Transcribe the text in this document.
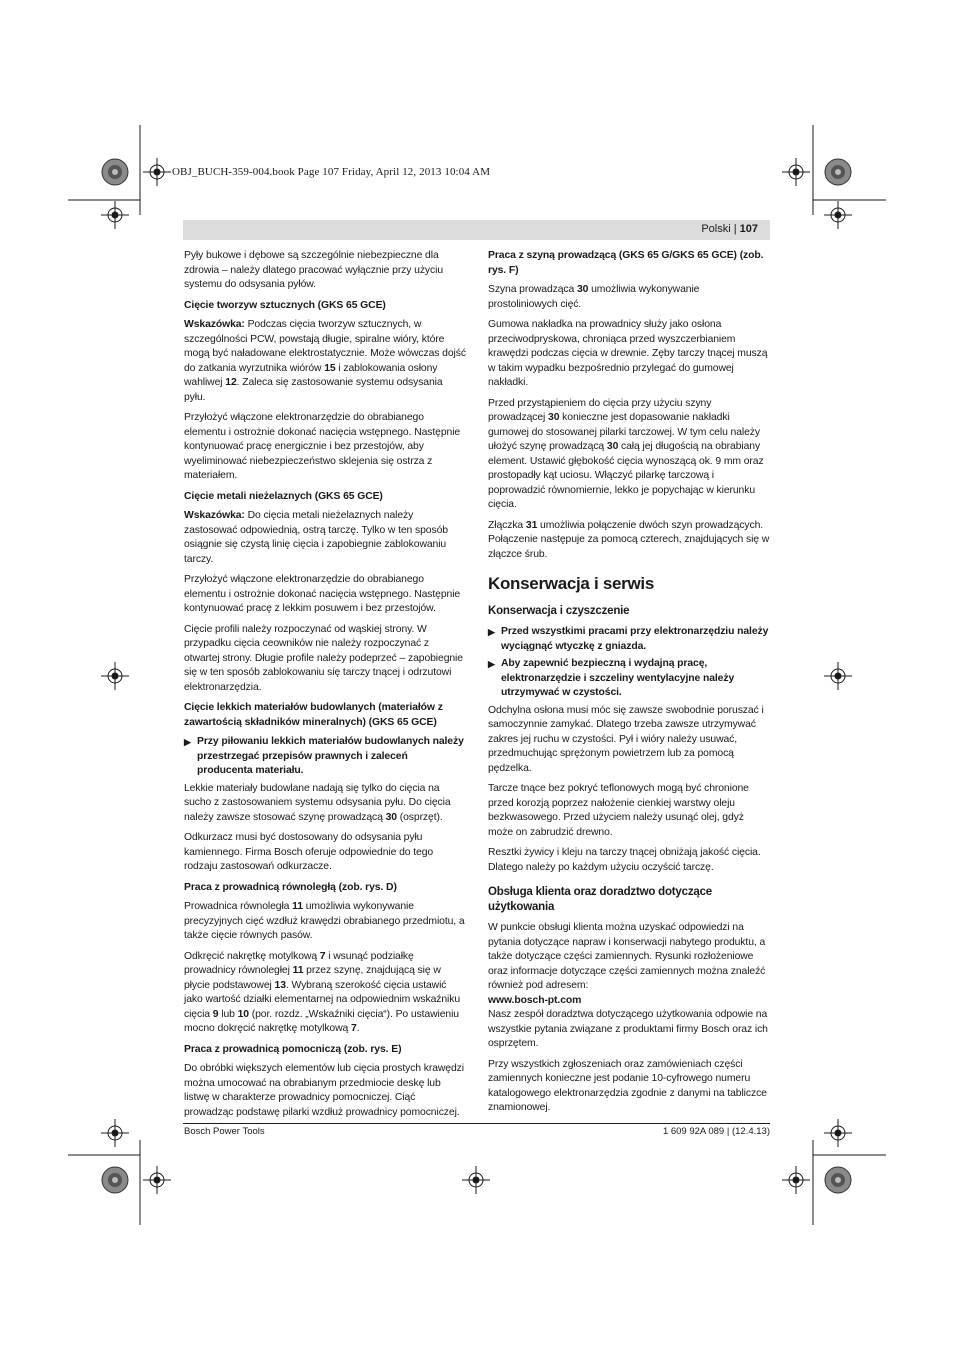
OBJ_BUCH-359-004.book Page 107 Friday, April 12, 2013 10:04 AM
Polski | 107

Pyły bukowe i dębowe są szczególnie niebezpieczne dla zdrowia – należy dlatego pracować wyłącznie przy użyciu systemu do odsysania pyłów.

Cięcie tworzyw sztucznych (GKS 65 GCE)

Wskazówka: Podczas cięcia tworzyw sztucznych, w szczególności PCW, powstają długie, spiralne wióry, które mogą być naładowane elektrostatycznie. Może wówczas dojść do zatkania wyrzutnika wiórów 15 i zablokowania osłony wahliwej 12. Zaleca się zastosowanie systemu odsysania pyłu.

Przyłożyć włączone elektronarzędzie do obrabianego elementu i ostrożnie dokonać nacięcia wstępnego. Następnie kontynuować pracę energicznie i bez przestojów, aby wyeliminować niebezpieczeństwo sklejenia się ostrza z materiałem.

Cięcie metali nieżelaznych (GKS 65 GCE)

Wskazówka: Do cięcia metali nieżelaznych należy zastosować odpowiednią, ostrą tarczę. Tylko w ten sposób osiągnie się czystą linię cięcia i zapobiegnie zablokowaniu tarczy.

Przyłożyć włączone elektronarzędzie do obrabianego elementu i ostrożnie dokonać nacięcia wstępnego. Następnie kontynuować pracę z lekkim posuwem i bez przestojów.

Cięcie profili należy rozpoczynać od wąskiej strony. W przypadku cięcia ceowników nie należy rozpoczynać z otwartej strony. Długie profile należy podeprzeć – zapobiegnie się w ten sposób zablokowaniu się tarczy tnącej i odrzutowi elektronarzędzia.

Cięcie lekkich materiałów budowlanych (materiałów z zawartością składników mineralnych) (GKS 65 GCE)
▶ Przy piłowaniu lekkich materiałów budowlanych należy przestrzegać przepisów prawnych i zaleceń producenta materiału.

Lekkie materiały budowlane nadają się tylko do cięcia na sucho z zastosowaniem systemu odsysania pyłu. Do cięcia należy zawsze stosować szynę prowadzącą 30 (osprzęt).

Odkurzacz musi być dostosowany do odsysania pyłu kamiennego. Firma Bosch oferuje odpowiednie do tego rodzaju zastosowań odkurzacze.

Praca z prowadnicą równoległą (zob. rys. D)

Prowadnica równoległa 11 umożliwia wykonywanie precyzyjnych cięć wzdłuż krawędzi obrabianego przedmiotu, a także cięcie równych pasów.

Odkręcić nakrętkę motylkową 7 i wsunąć podziałkę prowadnicy równoległej 11 przez szynę, znajdującą się w płycie podstawowej 13. Wybraną szerokość cięcia ustawić jako wartość działki elementarnej na odpowiednim wskaźniku cięcia 9 lub 10 (por. rozdz. „Wskaźniki cięcia“). Po ustawieniu mocno dokręcić nakrętkę motylkową 7.

Praca z prowadnicą pomocniczą (zob. rys. E)

Do obróbki większych elementów lub cięcia prostych krawędzi można umocować na obrabianym przedmiocie deskę lub listwę w charakterze prowadnicy pomocniczej. Ciąć prowadząc podstawę pilarki wzdłuż prowadnicy pomocniczej.

Praca z szyną prowadzącą (GKS 65 G/GKS 65 GCE) (zob. rys. F)

Szyna prowadząca 30 umożliwia wykonywanie prostoliniowych cięć.

Gumowa nakładka na prowadnicy służy jako osłona przeciwodpryskowa, chroniąca przed wyszczerbianiem krawędzi podczas cięcia w drewnie. Zęby tarczy tnącej muszą w takim wypadku bezpośrednio przylegać do gumowej nakładki.

Przed przystąpieniem do cięcia przy użyciu szyny prowadzącej 30 konieczne jest dopasowanie nakładki gumowej do stosowanej pilarki tarczowej. W tym celu należy ułożyć szynę prowadzącą 30 całą jej długością na obrabiany element. Ustawić głębokość cięcia wynoszącą ok. 9 mm oraz prostopadły kąt uciosu. Włączyć pilarkę tarczową i poprowadzić równomiernie, lekko je popychając w kierunku cięcia.

Złączka 31 umożliwia połączenie dwóch szyn prowadzących. Połączenie następuje za pomocą czterech, znajdujących się w złączce śrub.

Konserwacja i serwis
Konserwacja i czyszczenie
▶ Przed wszystkimi pracami przy elektronarzędziu należy wyciągnąć wtyczkę z gniazda.
▶ Aby zapewnić bezpieczną i wydajną pracę, elektronarzędzie i szczeliny wentylacyjne należy utrzymywać w czystości.

Odchylna osłona musi móc się zawsze swobodnie poruszać i samoczynnie zamykać. Dlatego trzeba zawsze utrzymywać zakres jej ruchu w czystości. Pył i wióry należy usuwać, przedmuchując sprężonym powietrzem lub za pomocą pędzelka.

Tarcze tnące bez pokryć teflonowych mogą być chronione przed korozją poprzez nałożenie cienkiej warstwy oleju bezkwasowego. Przed użyciem należy usunąć olej, gdyż może on zabrudzić drewno.

Resztki żywicy i kleju na tarczy tnącej obniżają jakość cięcia. Dlatego należy po każdym użyciu oczyścić tarczę.

Obsługa klienta oraz doradztwo dotyczące użytkowania

W punkcie obsługi klienta można uzyskać odpowiedzi na pytania dotyczące napraw i konserwacji nabytego produktu, a także dotyczące części zamiennych. Rysunki rozłożeniowe oraz informacje dotyczące części zamiennych można znaleźć również pod adresem:

www.bosch-pt.com

Nasz zespół doradztwa dotyczącego użytkowania odpowie na wszystkie pytania związane z produktami firmy Bosch oraz ich osprzętem.

Przy wszystkich zgłoszeniach oraz zamówieniach części zamiennych konieczne jest podanie 10-cyfrowego numeru katalogowego elektronarzędzia zgodnie z danymi na tabliczce znamionowej.

Bosch Power Tools	1 609 92A 089 | (12.4.13)
